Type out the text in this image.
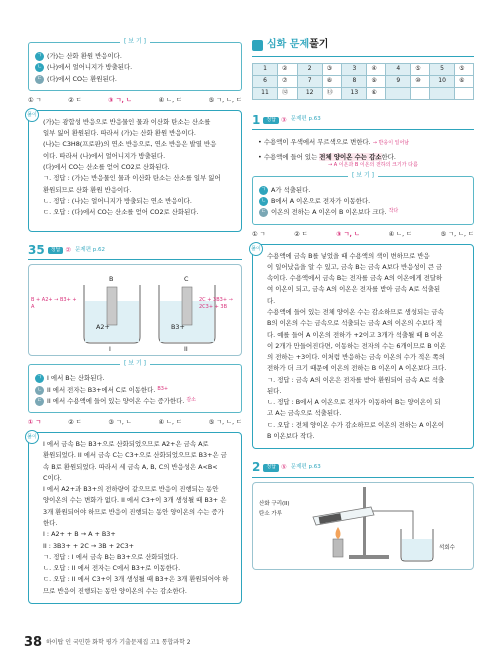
[ 보 기 ]
ㄱ (가)는 산화 환원 반응이다.
ㄴ (나)에서 얼어니지가 방출된다.
ㄷ (다)에서 CO는 환원된다.
① ㄱ	② ㄷ	③ ㄱ, ㄴ	④ ㄴ, ㄷ	⑤ ㄱ, ㄴ, ㄷ
풀이

(가)는 광합성 반응으로 반응물인 물과 이산화 탄소는 산소를

일부 잃어 환원된다. 따라서 (가)는 산화 환원 반응이다.

(나)는 C3H8(프로판)의 연소 반응으로, 연소 반응은 발열 반응

이다. 따라서 (나)에서 얼어니지가 방출된다.

(다)에서 CO는 산소를 얻어 CO2로 산화된다.

ㄱ. 정답 : (가)는 반응물인 물과 이산화 탄소는 산소를 일부 잃어

환원되므로 산화 환원 반응이다.

ㄴ. 정답 : (나)는 얼어니지가 방출되는 연소 반응이다.

ㄷ. 오답 : (다)에서 CO는 산소를 얻어 CO2로 산화된다.

35	정답 ② 문제편 p.62
B	C
A2+	B3+
B + A2+ → B3+ + A
2C + 3B3+ → 2C3+ + 3B
I	II
[ 보 기 ]
ㄱ I 에서 B는 산화된다.
ㄴ II 에서 전자는 B3+에서 C로 이동한다. B3+
ㄷ II 에서 수용액에 들어 있는 양이온 수는 증가한다. 감소
① ㄱ	② ㄷ	③ ㄱ, ㄴ	④ ㄴ, ㄷ	⑤ ㄱ, ㄴ, ㄷ
풀이

I 에서 금속 B는 B3+으로 산화되었으므로 A2+은 금속 A로

환원되었다. II 에서 금속 C는 C3+으로 산화되었으므로 B3+은 금

속 B로 환원되었다. 따라서 세 금속 A, B, C의 반응성은 A<B<

C이다.

I 에서 A2+과 B3+의 전하량이 같으므로 반응이 진행되는 동안

양이온의 수는 변화가 없다. II 에서 C3+이 3개 생성될 때 B3+ 은

3개 환원되어야 하므로 반응이 진행되는 동안 양이온의 수는 증가

한다.

I : A2+ + B → A + B3+

II : 3B3+ + 2C → 3B + 2C3+

ㄱ. 정답 : I 에서 금속 B는 B3+으로 산화되었다.

ㄴ. 오답 : II 에서 전자는 C에서 B3+로 이동한다.

ㄷ. 오답 : II 에서 C3+이 3개 생성될 때 B3+은 3개 환원되어야 하

므로 반응이 진행되는 동안 양이온의 수는 감소한다.

심화 문제 풀기
1	②	2	③	3	④	4	⑤	5	⑤
6	⑦	7	⑧	8	⑨	9	⑩	10	⑥
11	⑫	12	⑬	13	⑥				
1	정답 ③ 문제편 p.63
• 수용액이 우색에서 무르색으로 변한다. → 반응이 일어남
• 수용액에 들어 있는 전체 양이온 수는 감소한다.
→ A 이온과 B 이온의 전하의 크기가 다름
[ 보 기 ]
ㄱ A가 석출된다.
ㄴ B에서 A 이온으로 전자가 이동한다.
ㄷ 이온의 전하는 A 이온이 B 이온보다 크다. 작다
① ㄱ	② ㄷ	③ ㄱ, ㄴ	④ ㄴ, ㄷ	⑤ ㄱ, ㄴ, ㄷ
풀이

수용액에 금속 B를 넣었을 때 수용액의 색이 변하므로 반응

이 일어났음을 알 수 있고, 금속 B는 금속 A보다 반응성이 큰 금

속이다. 수용액에서 금속 B는 전자를 금속 A의 이온에게 전달하

여 이온이 되고, 금속 A의 이온은 전자를 받아 금속 A로 석출된

다.

수용액에 들어 있는 전체 양이온 수는 감소하므로 생성되는 금속

B의 이온의 수는 금속으로 석출되는 금속 A의 이온의 수보다 적

다. 예를 들어 A 이온의 전하가 +2이고 3개가 석출될 때 B 이온

이 2개가 만들어진다면, 이동하는 전자의 수는 6개이므로 B 이온

의 전하는 +3이다. 이처럼 반응하는 금속 이온의 수가 적은 쪽의

전하가 더 크기 때문에 이온의 전하는 B 이온이 A 이온보다 크다.

ㄱ. 정답 : 금속 A의 이온은 전자를 받아 환원되어 금속 A로 석출

된다.

ㄴ. 정답 : B에서 A 이온으로 전자가 이동하여 B는 양이온이 되

고 A는 금속으로 석출된다.

ㄷ. 오답 : 전체 양이온 수가 감소하므로 이온의 전하는 A 이온이

B 이온보다 작다.

2	정답 ⑤ 문제편 p.63
산화 구리(II)
탄소 가루
석회수
38 하이탑 인 국민한 화학 평가 기출문제집 고1 통합과학 2
